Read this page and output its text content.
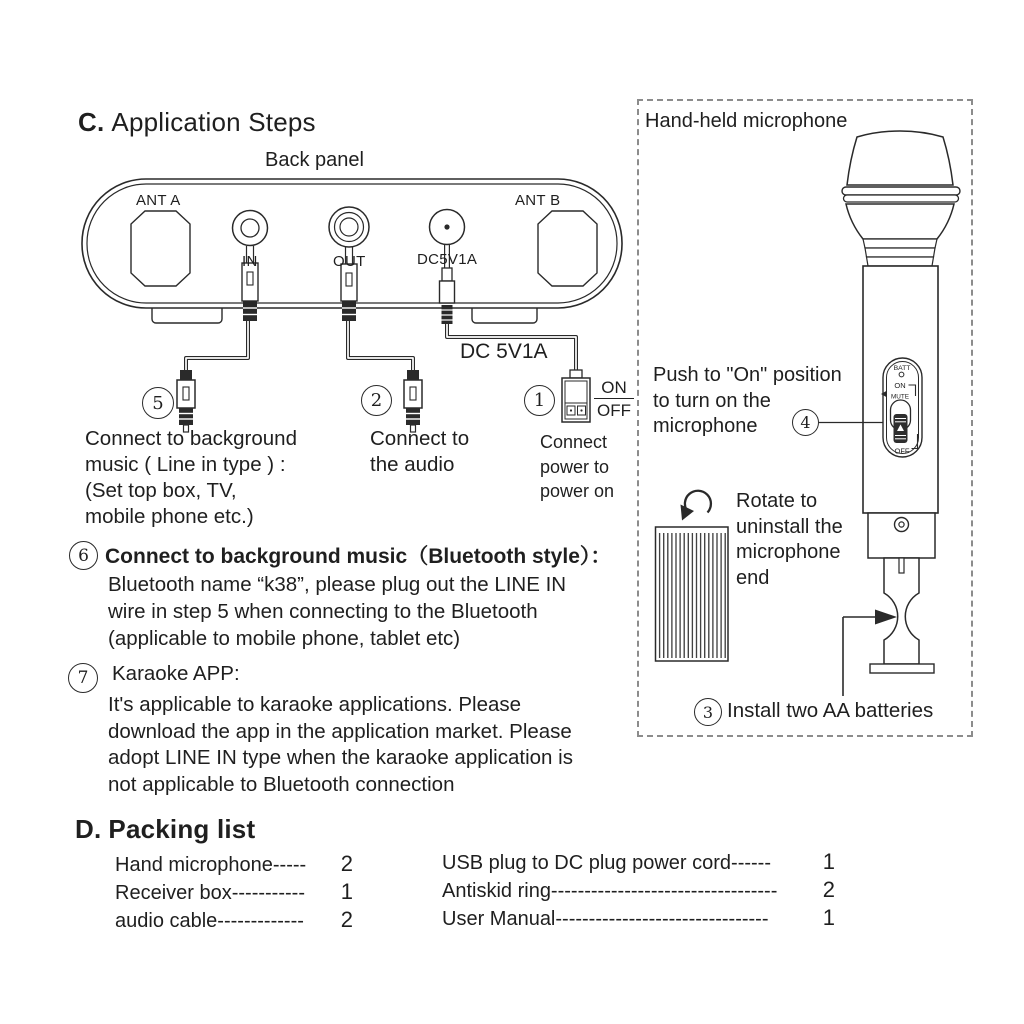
BATT
ON
MUTE
OFF
C. Application Steps
Back panel
ANT A	ANT B
IN	OUT	DC5V1A
DC 5V1A
ON
OFF
5	2	1
Connect to background
music ( Line in type ) :
(Set top box, TV,
mobile phone etc.)
Connect to
the audio
Connect
power to
power on
6 Connect to background music（Bluetooth style）：
Bluetooth name “k38”, please plug out the LINE IN
wire in step 5 when connecting to the Bluetooth
(applicable to mobile phone, tablet etc)
7	Karaoke APP:
It's applicable to karaoke applications. Please
download the app in the application market. Please
adopt LINE IN type when the karaoke application is
not applicable to Bluetooth connection
D. Packing list
Hand microphone----- 2
Receiver box----------- 1
audio cable------------- 2
USB plug to DC plug power cord------ 1
Antiskid ring---------------------------------- 2
User Manual-------------------------------- 1
Hand-held microphone
Push to "On" position
to turn on the
microphone	4
Rotate to
uninstall the
microphone
end
3 Install two AA batteries
